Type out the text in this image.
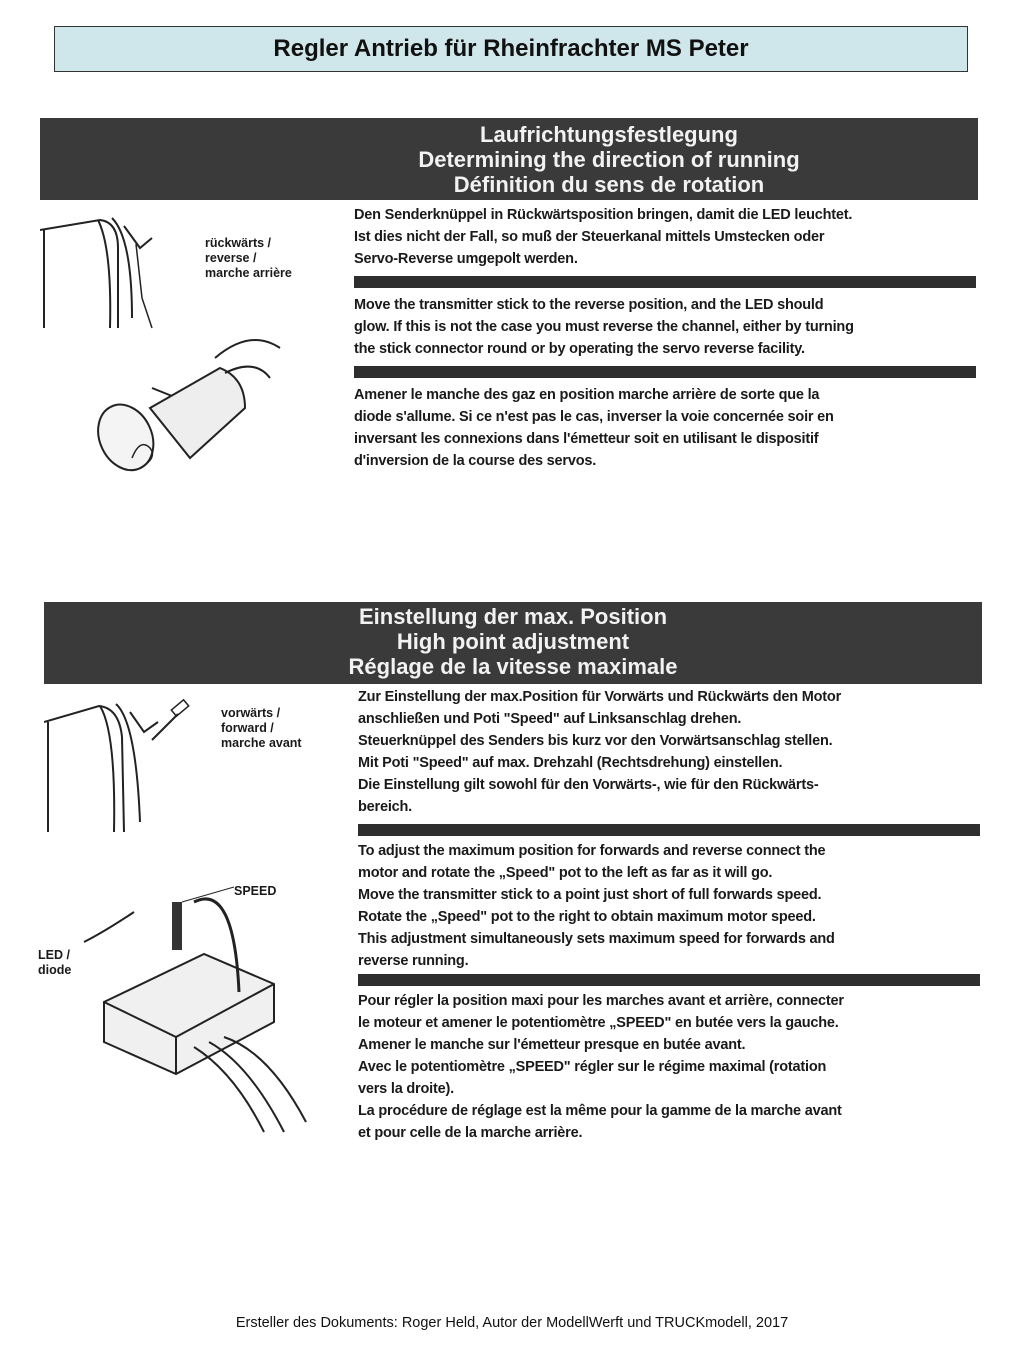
Regler Antrieb für Rheinfrachter MS Peter
Laufrichtungsfestlegung
Determining the direction of running
Définition du sens de rotation
rückwärts /
reverse /
marche arrière
Den Senderknüppel in Rückwärtsposition bringen, damit die LED leuchtet.
Ist dies nicht der Fall, so muß der Steuerkanal mittels Umstecken oder
Servo-Reverse umgepolt werden.
Move the transmitter stick to the reverse position, and the LED should
glow. If this is not the case you must reverse the channel, either by turning
the stick connector round or by operating the servo reverse facility.
Amener le manche des gaz en position marche arrière de sorte que la
diode s'allume. Si ce n'est pas le cas, inverser la voie concernée soir en
inversant les connexions dans l'émetteur soit en utilisant le dispositif
d'inversion de la course des servos.
Einstellung der max. Position
High point adjustment
Réglage de la vitesse maximale
vorwärts /
forward /
marche avant
SPEED
LED /
diode
Zur Einstellung der max.Position für Vorwärts und Rückwärts den Motor
anschließen und Poti "Speed" auf Linksanschlag drehen.
Steuerknüppel des Senders bis kurz vor den Vorwärtsanschlag stellen.
Mit Poti "Speed" auf max. Drehzahl (Rechtsdrehung) einstellen.
Die Einstellung gilt sowohl für den Vorwärts-, wie für den Rückwärts-
bereich.
To adjust the maximum position for forwards and reverse connect the
motor and rotate the „Speed" pot to the left as far as it will go.
Move the transmitter stick to a point just short of full forwards speed.
Rotate the „Speed" pot to the right to obtain maximum motor speed.
This adjustment simultaneously sets maximum speed for forwards and
reverse running.
Pour régler la position maxi pour les marches avant et arrière, connecter
le moteur et amener le potentiomètre „SPEED" en butée vers la gauche.
Amener le manche sur l'émetteur presque en butée avant.
Avec le potentiomètre „SPEED" régler sur le régime maximal (rotation
vers la droite).
La procédure de réglage est la même pour la gamme de la marche avant
et pour celle de la marche arrière.
Ersteller des Dokuments: Roger Held, Autor der ModellWerft und TRUCKmodell, 2017
